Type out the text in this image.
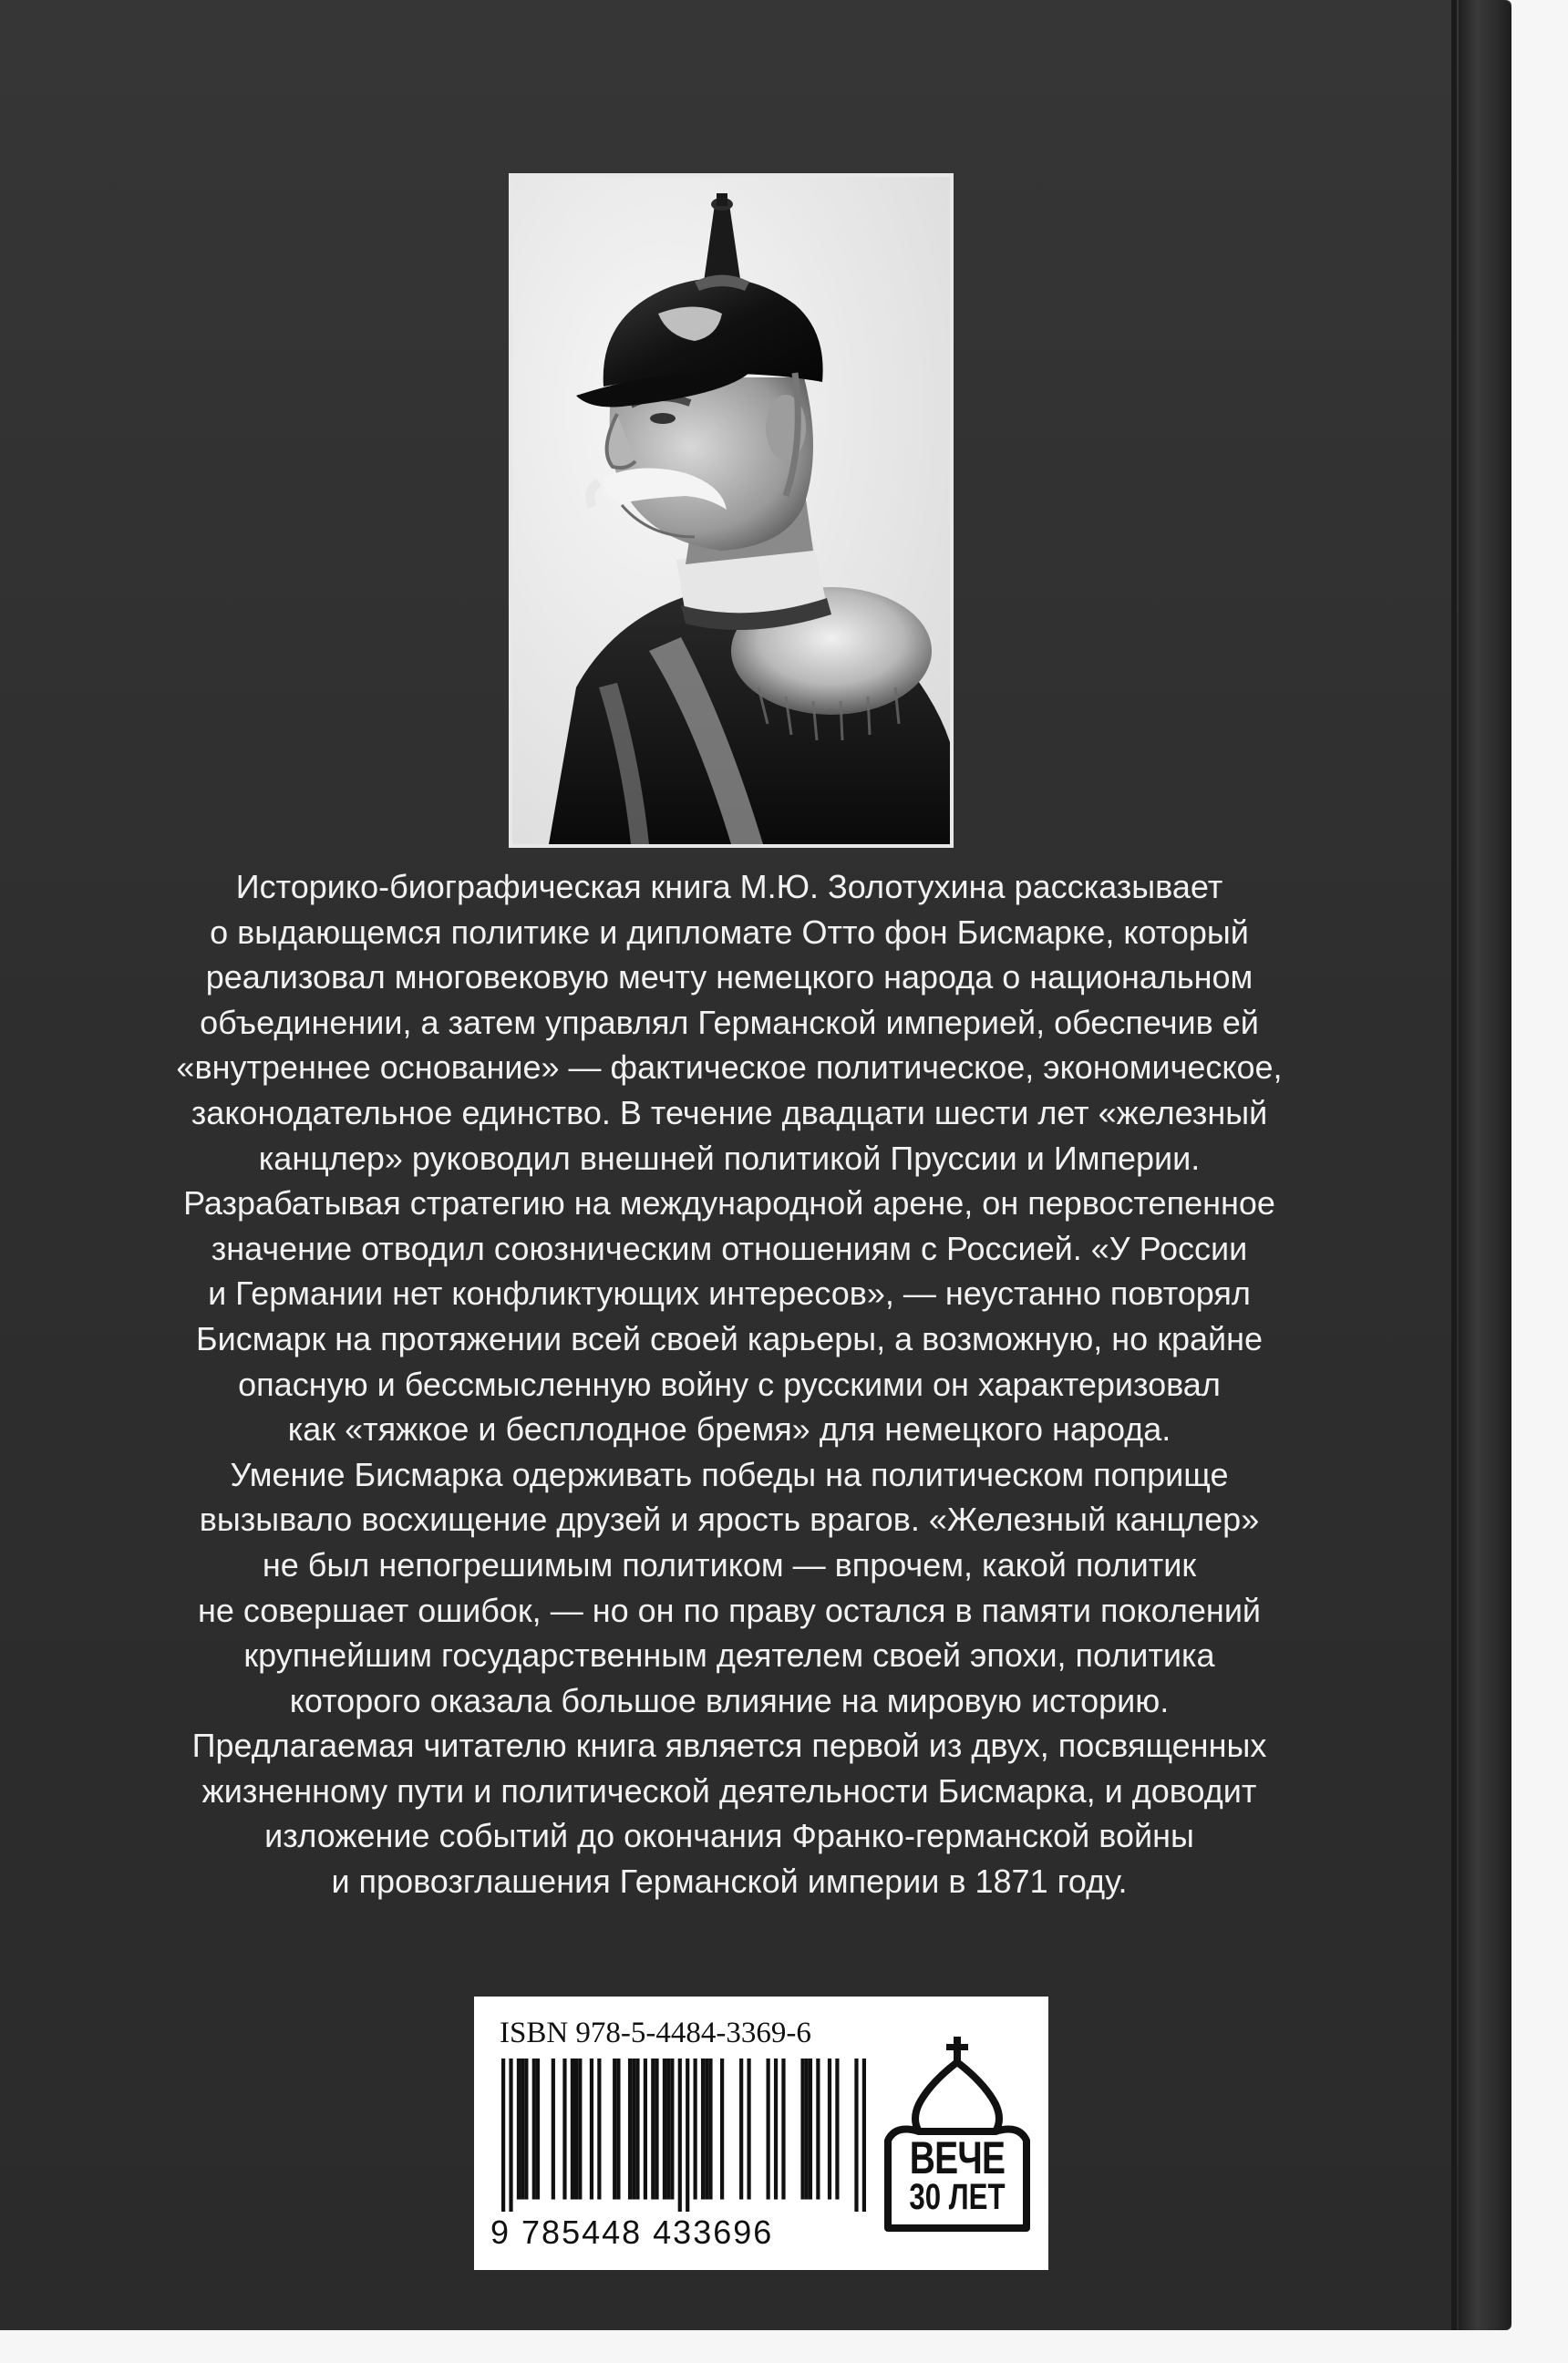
Историко-биографическая книга М.Ю. Золотухина рассказывает
о выдающемся политике и дипломате Отто фон Бисмарке, который
реализовал многовековую мечту немецкого народа о национальном
объединении, а затем управлял Германской империей, обеспечив ей
«внутреннее основание» — фактическое политическое, экономическое,
законодательное единство. В течение двадцати шести лет «железный
канцлер» руководил внешней политикой Пруссии и Империи.
Разрабатывая стратегию на международной арене, он первостепенное
значение отводил союзническим отношениям с Россией. «У России
и Германии нет конфликтующих интересов», — неустанно повторял
Бисмарк на протяжении всей своей карьеры, а возможную, но крайне
опасную и бессмысленную войну с русскими он характеризовал
как «тяжкое и бесплодное бремя» для немецкого народа.
Умение Бисмарка одерживать победы на политическом поприще
вызывало восхищение друзей и ярость врагов. «Железный канцлер»
не был непогрешимым политиком — впрочем, какой политик
не совершает ошибок, — но он по праву остался в памяти поколений
крупнейшим государственным деятелем своей эпохи, политика
которого оказала большое влияние на мировую историю.
Предлагаемая читателю книга является первой из двух, посвященных
жизненному пути и политической деятельности Бисмарка, и доводит
изложение событий до окончания Франко-германской войны
и провозглашения Германской империи в 1871 году.

ISBN 978-5-4484-3369-6
9 785448 433696
ВЕЧЕ
30 ЛЕТ
